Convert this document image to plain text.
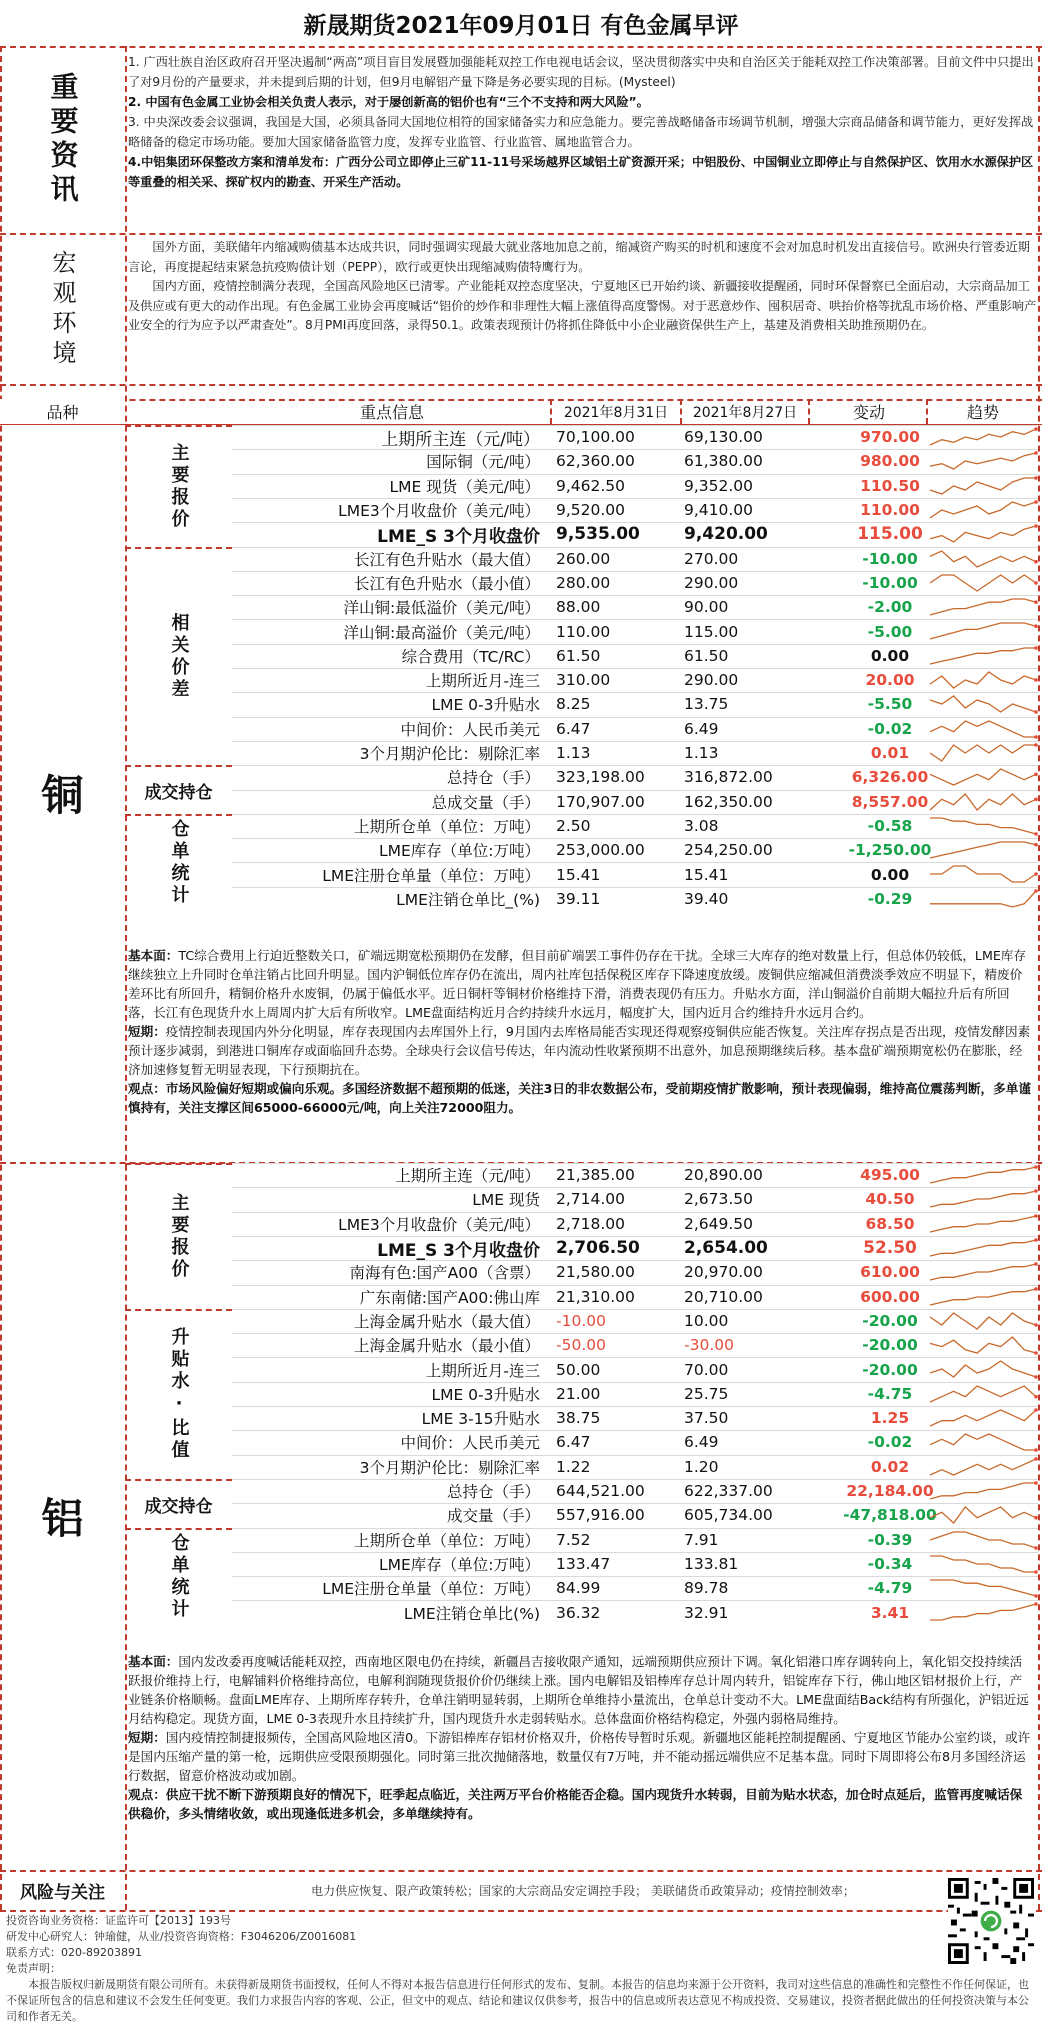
新晟期货2021年09月01日 有色金属早评
重要资讯
宏观环境

1. 广西壮族自治区政府召开坚决遏制“两高”项目盲目发展暨加强能耗双控工作电视电话会议，坚决贯彻落实中央和自治区关于能耗双控工作决策部署。目前文件中只提出了对9月份的产量要求，并未提到后期的计划，但9月电解铝产量下降是务必要实现的目标。(Mysteel)

2. 中国有色金属工业协会相关负责人表示，对于屡创新高的铝价也有“三个不支持和两大风险”。

3. 中央深改委会议强调，我国是大国，必须具备同大国地位相符的国家储备实力和应急能力。要完善战略储备市场调节机制，增强大宗商品储备和调节能力，更好发挥战略储备的稳定市场功能。要加大国家储备监管力度，发挥专业监管、行业监管、属地监管合力。

4.中铝集团环保整改方案和清单发布：广西分公司立即停止三矿11-11号采场越界区域铝土矿资源开采；中铝股份、中国铜业立即停止与自然保护区、饮用水水源保护区等重叠的相关采、探矿权内的勘查、开采生产活动。

国外方面，美联储年内缩减购债基本达成共识，同时强调实现最大就业落地加息之前，缩减资产购买的时机和速度不会对加息时机发出直接信号。欧洲央行管委近期言论，再度提起结束紧急抗疫购债计划（PEPP），欧行或更快出现缩减购债特鹰行为。

国内方面，疫情控制满分表现，全国高风险地区已清零。产业能耗双控态度坚决，宁夏地区已开始约谈、新疆接收提醒函，同时环保督察已全面启动，大宗商品加工及供应或有更大的动作出现。有色金属工业协会再度喊话“铝价的炒作和非理性大幅上涨值得高度警惕。对于恶意炒作、囤积居奇、哄抬价格等扰乱市场价格、严重影响产业安全的行为应予以严肃查处”。8月PMI再度回落，录得50.1。政策表现预计仍将抓住降低中小企业融资保供生产上，基建及消费相关助推预期仍在。

品种	重点信息	2021年8月31日	2021年8月27日	变动	趋势
铜
上期所主连（元/吨）	70,100.00	69,130.00	970.00
国际铜（元/吨）	62,360.00	61,380.00	980.00
LME 现货（美元/吨）	9,462.50	9,352.00	110.50
LME3个月收盘价（美元/吨）	9,520.00	9,410.00	110.00
LME_S 3个月收盘价 9,535.00	9,420.00	115.00
长江有色升贴水（最大值）	260.00	270.00	-10.00
长江有色升贴水（最小值）	280.00	290.00	-10.00
洋山铜:最低溢价（美元/吨）	88.00	90.00	-2.00
洋山铜:最高溢价（美元/吨）	110.00	115.00	-5.00
综合费用（TC/RC）	61.50	61.50	0.00
上期所近月-连三	310.00	290.00	20.00
LME 0-3升贴水	8.25	13.75	-5.50
中间价：人民币美元	6.47	6.49	-0.02
3个月期沪伦比：剔除汇率	1.13	1.13	0.01
总持仓（手）	323,198.00	316,872.00	6,326.00
总成交量（手）	170,907.00	162,350.00	8,557.00
上期所仓单（单位：万吨）	2.50	3.08	-0.58
LME库存（单位:万吨）	253,000.00	254,250.00	-1,250.00
LME注册仓单量（单位：万吨）	15.41	15.41	0.00
LME注销仓单比_(%)	39.11	39.40	-0.29
主要报价
相关价差
成交持仓
仓单统计
基本面：TC综合费用上行迫近整数关口，矿端远期宽松预期仍在发酵，但目前矿端罢工事件仍存在干扰。全球三大库存的绝对数量上行，但总体仍较低，LME库存继续独立上升同时仓单注销占比回升明显。国内沪铜低位库存仍在流出，周内社库包括保税区库存下降速度放缓。废铜供应缩减但消费淡季效应不明显下，精废价差环比有所回升，精铜价格升水废铜，仍属于偏低水平。近日铜杆等铜材价格维持下滑，消费表现仍有压力。升贴水方面，洋山铜溢价自前期大幅拉升后有所回落，长江有色现货升水上周周内扩大后有所收窄。LME盘面结构近月合约持续升水远月，幅度扩大，国内近月合约维持升水远月合约。
短期：疫情控制表现国内外分化明显，库存表现国内去库国外上行，9月国内去库格局能否实现还得观察疫铜供应能否恢复。关注库存拐点是否出现，疫情发酵因素预计逐步减弱，到港进口铜库存或面临回升态势。全球央行会议信号传达，年内流动性收紧预期不出意外，加息预期继续后移。基本盘矿端预期宽松仍在膨胀，经济加速修复暂无明显表现，下行预期抗在。
观点：市场风险偏好短期或偏向乐观。多国经济数据不超预期的低迷，关注3日的非农数据公布，受前期疫情扩散影响，预计表现偏弱，维持高位震荡判断，多单谨慎持有，关注支撑区间65000-66000元/吨，向上关注72000阻力。
铝
上期所主连（元/吨）	21,385.00	20,890.00	495.00
LME 现货	2,714.00	2,673.50	40.50
LME3个月收盘价（美元/吨）	2,718.00	2,649.50	68.50
LME_S 3个月收盘价 2,706.50	2,654.00	52.50
南海有色:国产A00（含票）	21,580.00	20,970.00	610.00
广东南储:国产A00:佛山库	21,310.00	20,710.00	600.00
上海金属升贴水（最大值）	-10.00	10.00	-20.00
上海金属升贴水（最小值）	-50.00	-30.00	-20.00
上期所近月-连三	50.00	70.00	-20.00
LME 0-3升贴水	21.00	25.75	-4.75
LME 3-15升贴水	38.75	37.50	1.25
中间价：人民币美元	6.47	6.49	-0.02
3个月期沪伦比：剔除汇率	1.22	1.20	0.02
总持仓（手）	644,521.00	622,337.00	22,184.00
成交量（手）	557,916.00	605,734.00	-47,818.00
上期所仓单（单位：万吨）	7.52	7.91	-0.39
LME库存（单位:万吨）	133.47	133.81	-0.34
LME注册仓单量（单位：万吨）	84.99	89.78	-4.79
LME注销仓单比(%)	36.32	32.91	3.41
主要报价
升贴水·比值
成交持仓
仓单统计
基本面：国内发改委再度喊话能耗双控，西南地区限电仍在持续，新疆昌吉接收限产通知，远端预期供应预计下调。氧化铝港口库存调转向上，氧化铝交投持续活跃报价维持上行，电解铺料价格维持高位，电解利润随现货报价价仍继续上涨。国内电解铝及铝棒库存总计周内转升，铝锭库存下行，佛山地区铝材报价上行，产业链条价格顺畅。盘面LME库存、上期所库存转升，仓单注销明显转弱，上期所仓单维持小量流出，仓单总计变动不大。LME盘面结Back结构有所强化，沪铝近远月结构稳定。现货方面，LME 0-3表现升水且持续扩升，国内现货升水走弱转贴水。总体盘面价格结构稳定，外强内弱格局维持。
短期：国内疫情控制捷报频传，全国高风险地区清0。下游铝棒库存铝材价格双升，价格传导暂时乐观。新疆地区能耗控制提醒函、宁夏地区节能办公室约谈，或许是国内压缩产量的第一枪，远期供应受限预期强化。同时第三批次抛储落地，数量仅有7万吨，并不能动摇远端供应不足基本盘。同时下周即将公布8月多国经济运行数据，留意价格波动或加剧。
观点：供应干扰不断下游预期良好的情况下，旺季起点临近，关注两万平台价格能否企稳。国内现货升水转弱，目前为贴水状态，加仓时点延后，监管再度喊话保供稳价，多头情绪收敛，或出现逢低进多机会，多单继续持有。
风险与关注	电力供应恢复、限产政策转松；国家的大宗商品安定调控手段； 美联储货币政策异动；疫情控制效率；
投资咨询业务资格：证监许可【2013】193号
研发中心研究人：钟瑜健，从业/投资咨询资格：F3046206/Z0016081
联系方式：020-89203891
免责声明：
本报告版权归新晟期货有限公司所有。未获得新晟期货书面授权，任何人不得对本报告信息进行任何形式的发布、复制。本报告的信息均来源于公开资料，我司对这些信息的准确性和完整性不作任何保证，也不保证所包含的信息和建议不会发生任何变更。我们力求报告内容的客观、公正，但文中的观点、结论和建议仅供参考，报告中的信息或所表达意见不构成投资、交易建议，投资者据此做出的任何投资决策与本公司和作者无关。
